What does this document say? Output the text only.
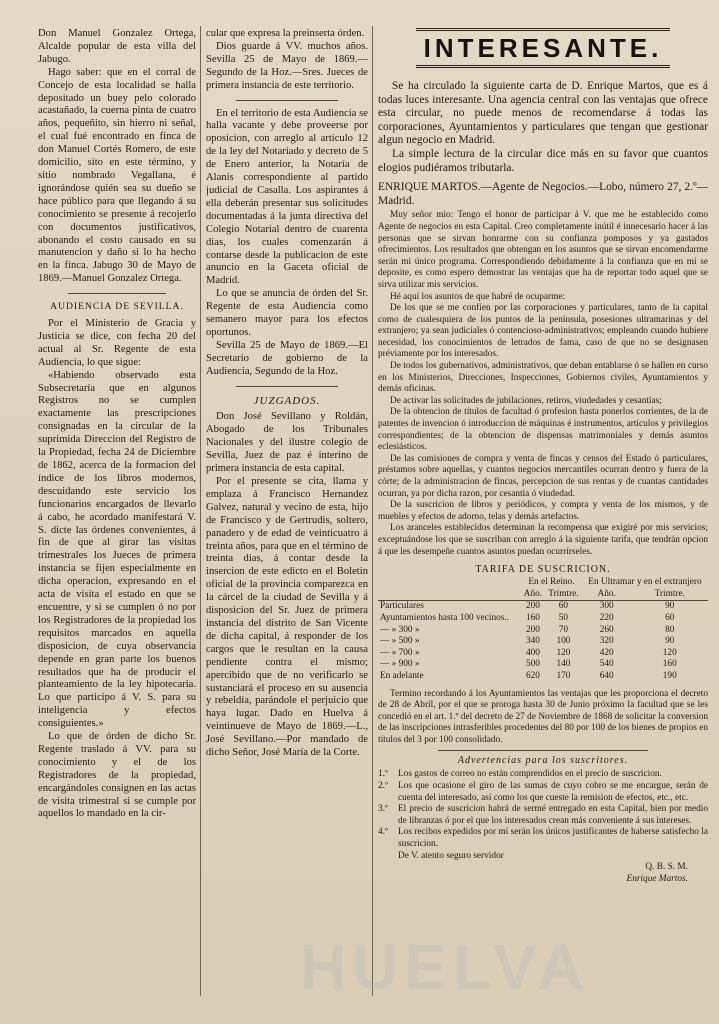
Don Manuel Gonzalez Ortega, Alcalde popular de esta villa del Jabugo.

Hago saber: que en el corral de Concejo de esta localidad se halla depositado un buey pelo colorado acastañado, la cuerna pinta de cuatro años, pequeñito, sin hierro ni señal, el cual fué encontrado en finca de don Manuel Cortés Romero, de este domicilio, sito en este término, y sitio nombrado Vegallana, é ignorándose quién sea su dueño se hace público para que llegando á su conocimiento se presente á recojerlo con documentos justificativos, abonando el costo causado en su manutencion y daño si lo ha hecho en la finca. Jabugo 30 de Mayo de 1869.—Manuel Gonzalez Ortega.

AUDIENCIA DE SEVILLA.

Por el Ministerio de Gracia y Justicia se dice, con fecha 20 del actual al Sr. Regente de esta Audiencia, lo que sigue:

«Habiendo observado esta Subsecretaría que en algunos Registros no se cumplen exactamente las prescripciones consignadas en la circular de la suprimida Direccion del Registro de la Propiedad, fecha 24 de Diciembre de 1862, acerca de la formacion del índice de los libros modernos, descuidando este servicio los funcionarios encargados de llevarlo á cabo, he acordado manifestará V. S. dicte las órdenes convenientes, á fin de que al girar las visitas trimestrales los Jueces de primera instancia se fijen especialmente en dicha operacion, expresando en el acta de visita el estado en que se encuentre, y si se cumplen ó no por los Registradores de la propiedad los requisitos marcados en aquella disposicion, de cuya observancia depende en gran parte los buenos resultados que ha de producir el planteamiento de la ley hipotecaria. Lo que participo á V. S. para su inteligencia y efectos consiguientes.»

Lo que de órden de dicho Sr. Regente traslado á VV. para su conocimiento y el de los Registradores de la propiedad, encargándoles consignen en las actas de visita trimestral si se cumple por aquellos lo mandado en la cir-

cular que expresa la preinserta órden.

Dios guarde á VV. muchos años. Sevilla 25 de Mayo de 1869.—Segundo de la Hoz.—Sres. Jueces de primera instancia de este territorio.

En el territorio de esta Audiencia se halla vacante y debe proveerse por oposicion, con arreglo al artículo 12 de la ley del Notariado y decreto de 5 de Enero anterior, la Notaría de Alanís correspondiente al partido judicial de Casalla. Los aspirantes á ella deberán presentar sus solicitudes documentadas á la junta directiva del Colegio Notarial dentro de cuarenta dias, los cuales comenzarán á contarse desde la publicacion de este anuncio en la Gaceta oficial de Madrid.

Lo que se anuncia de órden del Sr. Regente de esta Audiencia como semanero mayor para los efectos oportunos.

Sevilla 25 de Mayo de 1869.—El Secretario de gobierno de la Audiencia, Segundo de la Hoz.

JUZGADOS.

Don José Sevillano y Roldán, Abogado de los Tribunales Nacionales y del ilustre colegio de Sevilla, Juez de paz é interino de primera instancia de esta capital.

Por el presente se cita, llama y emplaza á Francisco Hernandez Galvez, natural y vecino de esta, hijo de Francisco y de Gertrudis, soltero, panadero y de edad de veinticuatro á treinta años, para que en el término de treinta dias, á contar desde la insercion de este edicto en el Boletin oficial de la provincia comparezca en la cárcel de la ciudad de Sevilla y á disposicion del Sr. Juez de primera instancia del distrito de San Vicente de dicha capital, á responder de los cargos que le resultan en la causa pendiente contra el mismo; apercibido que de no verificarlo se sustanciará el proceso en su ausencia y rebeldía, parándole el perjuicio que haya lugar. Dado en Huelva á veintinueve de Mayo de 1869.—L., José Sevillano.—Por mandado de dicho Señor, José María de la Corte.

INTERESANTE.

Se ha circulado la siguiente carta de D. Enrique Martos, que es á todas luces interesante. Una agencia central con las ventajas que ofrece esta circular, no puede menos de recomendarse á todas las corporaciones, Ayuntamientos y particulares que tengan que gestionar algun negocio en Madrid.

La simple lectura de la circular dice más en su favor que cuantos elogios pudiéramos tributarla.

ENRIQUE MARTOS.—Agente de Negocios.—Lobo, número 27, 2.º—Madrid.

Muy señor mio: Tengo el honor de participar á V. que me he establecido como Agente de negocios en esta Capital. Creo completamente inútil é innecesario hacer á las personas que se sirvan honrarme con su confianza pomposos y ya gastados ofrecimientos. Los resultados que obtengan en los asuntos que se sirvan encomendarme serán mi único programa. Correspondiendo debidamente á la confianza que en mí se deposite, es como espero demostrar las ventajas que ha de reportar todo aquel que se sirva utilizar mis servicios.

Hé aquí los asuntos de que habré de ocuparme:

De los que se me confíen por las corporaciones y particulares, tanto de la capital como de cualesquiera de los puntos de la península, posesiones ultramarinas y del extranjero; ya sean judiciales ó contencioso-administrativos; empleando cuando hubiere necesidad, los conocimientos de letrados de fama, caso de que no se designasen préviamente por los interesados.

De todos los gubernativos, administrativos, que deban entablarse ó se hallen en curso en los Ministerios, Direcciones, Inspecciones, Gobiernos civiles, Ayuntamientos y demás oficinas.

De activar las solicitudes de jubilaciones, retiros, viudedades y cesantías;

De la obtencion de títulos de facultad ó profesion hasta ponerlos corrientes, de la de patentes de invencion ó introduccion de máquinas é instrumentos, artículos y privilegios correspondientes; de la obtencion de dispensas matrimoniales y demás asuntos eclesiásticos.

De las comisiones de compra y venta de fincas y censos del Estado ó particulares, préstamos sobre aquellas, y cuantos negocios mercantiles ocurran dentro y fuera de la córte; de la administracion de fincas, percepcion de sus rentas y de cuantas cantidades ocurran, ya por dicha razon, por cesantía ó viudedad.

De la suscricion de libros y periódicos, y compra y venta de los mismos, y de muebles y efectos de adorno, telas y demás artefactos.

Los aranceles establecidos determinan la recompensa que exigiré por mis servicios; exceptuándose los que se suscriban con arreglo á la siguiente tarifa, que tendrán opcion á que les desempeñe cuantos asuntos puedan ocurrírseles.

TARIFA DE SUSCRICION.
	En el Reino.		En Ultramar y en el extranjero	
	Año.	Trimtre.	Año.	Trimtre.
Particulares	200	60	300	90
Ayuntamientos hasta 100 vecinos..	160	50	220	60
— » 300 »	200	70	260	80
— » 500 »	340	100	320	90
— » 700 »	400	120	420	120
— » 900 »	500	140	540	160
En adelante	620	170	640	190

Termino recordando á los Ayuntamientos las ventajas que les proporciona el decreto de 28 de Abril, por el que se proroga hasta 30 de Junio próximo la facultad que se les concedió en el art. 1.º del decreto de 27 de Noviembre de 1868 de solicitar la conversion de las inscripciones intrasferibles procedentes del 80 por 100 de los bienes de propios en títulos del 3 por 100 consolidado.

Advertencias para los suscritores.
1.º	Los gastos de correo no están comprendidos en el precio de suscricion.
2.º	Los que ocasione el giro de las sumas de cuyo cobro se me encargue, serán de cuenta del interesado, así como los que cueste la remision de efectos, etc., etc.
3.º	El precio de suscricion habrá de sermé entregado en esta Capital, bien por medio de libranzas ó por el que los interesados crean más conveniente á sus intereses.
4.º	Los recibos expedidos por mí serán los únicos justificantes de haberse satisfecho la suscricion.
De V. atento seguro servidor
Q. B. S. M.
Enrique Martos.
HUELVA
